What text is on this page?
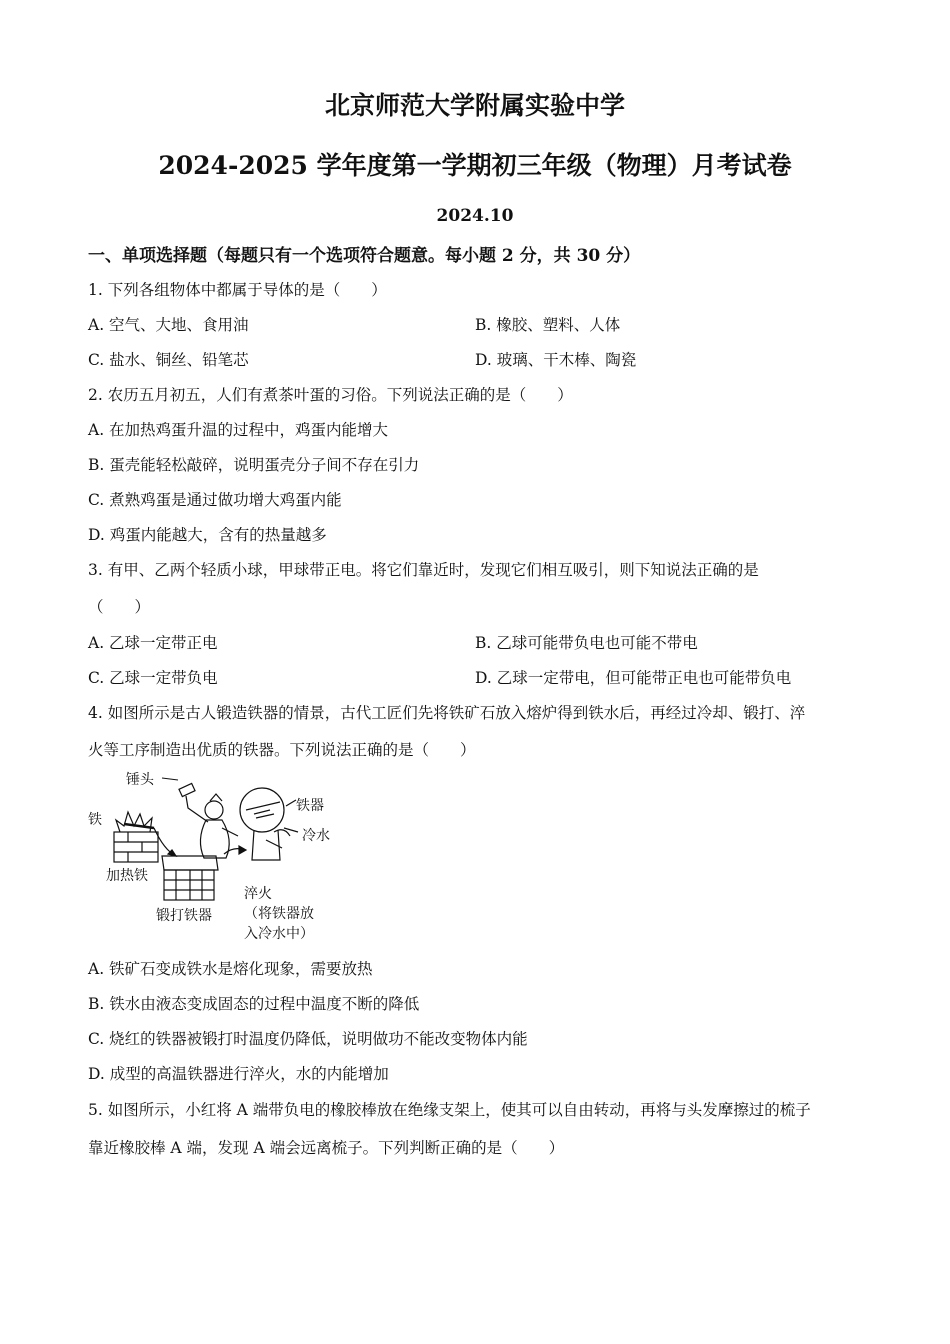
北京师范大学附属实验中学
2024-2025 学年度第一学期初三年级（物理）月考试卷
2024.10
一、单项选择题（每题只有一个选项符合题意。每小题 2 分，共 30 分）
1. 下列各组物体中都属于导体的是（　　）
A. 空气、大地、食用油	B. 橡胶、塑料、人体
C. 盐水、铜丝、铅笔芯	D. 玻璃、干木棒、陶瓷
2. 农历五月初五，人们有煮茶叶蛋的习俗。下列说法正确的是（　　）
A. 在加热鸡蛋升温的过程中，鸡蛋内能增大
B. 蛋壳能轻松敲碎，说明蛋壳分子间不存在引力
C. 煮熟鸡蛋是通过做功增大鸡蛋内能
D. 鸡蛋内能越大，含有的热量越多
3. 有甲、乙两个轻质小球，甲球带正电。将它们靠近时，发现它们相互吸引，则下知说法正确的是
（　　）
A. 乙球一定带正电	B. 乙球可能带负电也可能不带电
C. 乙球一定带负电	D. 乙球一定带电，但可能带正电也可能带负电
4. 如图所示是古人锻造铁器的情景，古代工匠们先将铁矿石放入熔炉得到铁水后，再经过冷却、锻打、淬
火等工序制造出优质的铁器。下列说法正确的是（　　）
锤头
铁
加热铁
锻打铁器
铁器
冷水
淬火
（将铁器放
入冷水中）
A. 铁矿石变成铁水是熔化现象，需要放热
B. 铁水由液态变成固态的过程中温度不断的降低
C. 烧红的铁器被锻打时温度仍降低，说明做功不能改变物体内能
D. 成型的高温铁器进行淬火，水的内能增加
5. 如图所示，小红将 A 端带负电的橡胶棒放在绝缘支架上，使其可以自由转动，再将与头发摩擦过的梳子
靠近橡胶棒 A 端，发现 A 端会远离梳子。下列判断正确的是（　　）
